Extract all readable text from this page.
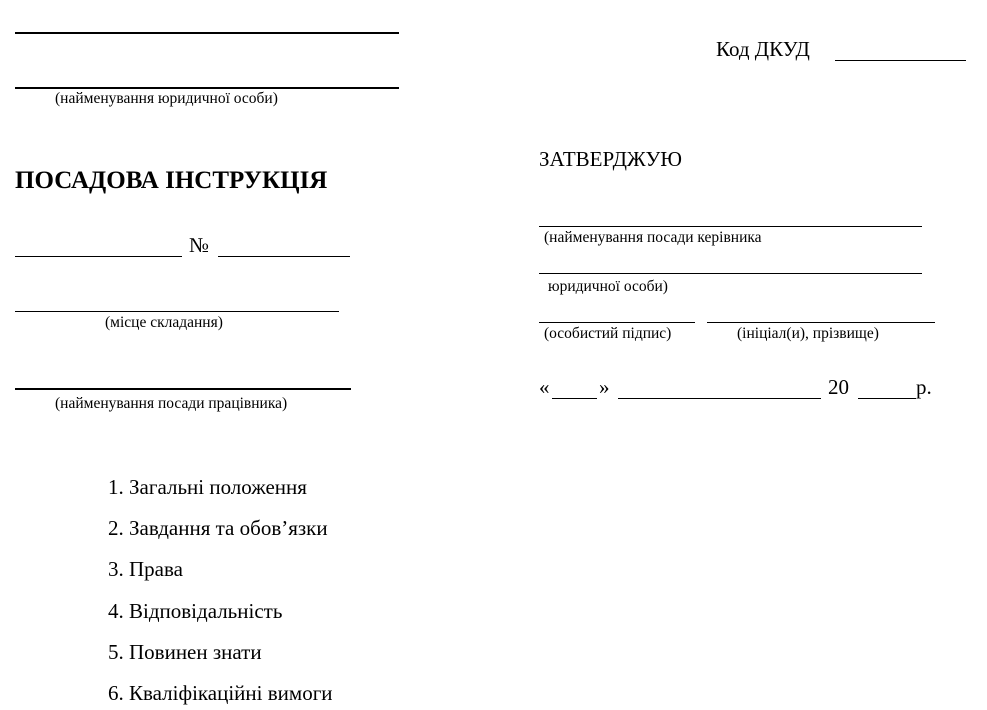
(найменування юридичної особи)
ПОСАДОВА ІНСТРУКЦІЯ
№
(місце складання)
(найменування посади працівника)
1. Загальні положення
2. Завдання та обов’язки
3. Права
4. Відповідальність
5. Повинен знати
6. Кваліфікаційні вимоги
Код ДКУД
ЗАТВЕРДЖУЮ
(найменування посади керівника
юридичної особи)
(особистий підпис)	(ініціал(и), прізвище)
« »	20	р.
